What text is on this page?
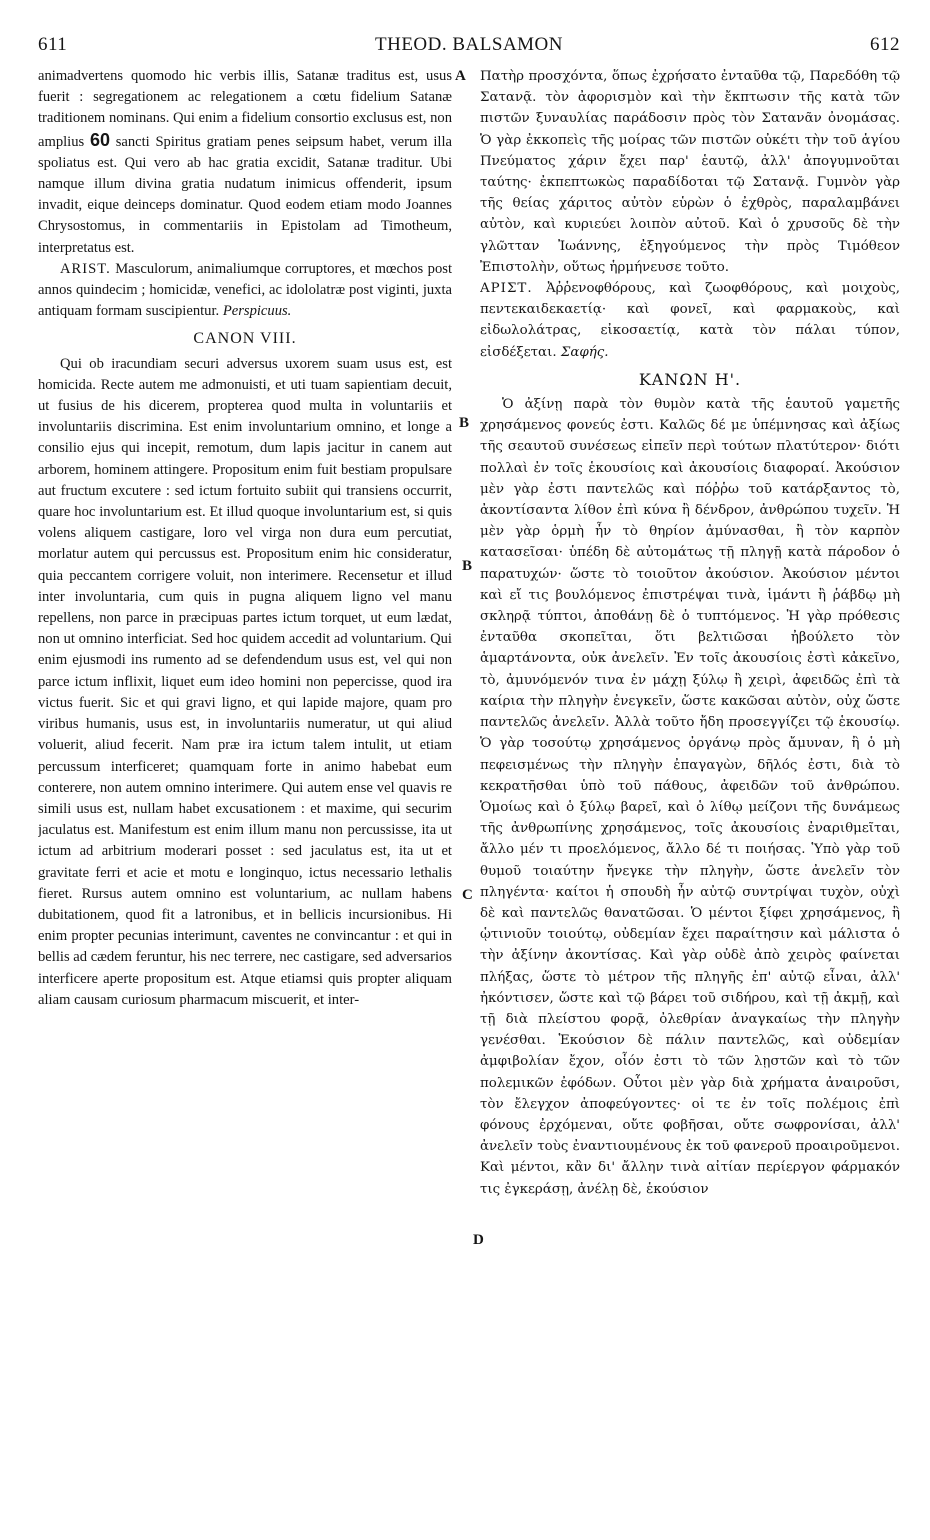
611	THEOD. BALSAMON	612
A
B
B
C
D

animadvertens quomodo hic verbis illis, Satanæ traditus est, usus fuerit : segregationem ac relegationem a cœtu fidelium Satanæ traditionem nominans. Qui enim a fidelium consortio exclusus est, non amplius 60 sancti Spiritus gratiam penes seipsum habet, verum illa spoliatus est. Qui vero ab hac gratia excidit, Satanæ traditur. Ubi namque illum divina gratia nudatum inimicus offenderit, ipsum invadit, eique deinceps dominatur. Quod eodem etiam modo Joannes Chrysostomus, in commentariis in Epistolam ad Timotheum, interpretatus est.

ARIST. Masculorum, animaliumque corruptores, et mœchos post annos quindecim ; homicidæ, venefici, ac idololatræ post viginti, juxta antiquam formam suscipientur. Perspicuus.

CANON VIII.

Qui ob iracundiam securi adversus uxorem suam usus est, est homicida. Recte autem me admonuisti, et uti tuam sapientiam decuit, ut fusius de his dicerem, propterea quod multa in voluntariis et involuntariis discrimina. Est enim involuntarium omnino, et longe a consilio ejus qui incepit, remotum, dum lapis jacitur in canem aut arborem, hominem attingere. Propositum enim fuit bestiam propulsare aut fructum excutere : sed ictum fortuito subiit qui transiens occurrit, quare hoc involuntarium est. Et illud quoque involuntarium est, si quis volens aliquem castigare, loro vel virga non dura eum percutiat, morlatur autem qui percussus est. Propositum enim hic consideratur, quia peccantem corrigere voluit, non interimere. Recensetur et illud inter involuntaria, cum quis in pugna aliquem ligno vel manu repellens, non parce in præcipuas partes ictum torquet, ut eum lædat, non ut omnino interficiat. Sed hoc quidem accedit ad voluntarium. Qui enim ejusmodi ins rumento ad se defendendum usus est, vel qui non parce ictum inflixit, liquet eum ideo homini non pepercisse, quod ira victus fuerit. Sic et qui gravi ligno, et qui lapide majore, quam pro viribus humanis, usus est, in involuntariis numeratur, ut qui aliud voluerit, aliud fecerit. Nam præ ira ictum talem intulit, ut etiam percussum interficeret; quamquam forte in animo habebat eum conterere, non autem omnino interimere. Qui autem ense vel quavis re simili usus est, nullam habet excusationem : et maxime, qui securim jaculatus est. Manifestum est enim illum manu non percussisse, ita ut ictum ad arbitrium moderari posset : sed jaculatus est, ita ut et gravitate ferri et acie et motu e longinquo, ictus necessario lethalis fieret. Rursus autem omnino est voluntarium, ac nullam habens dubitationem, quod fit a latronibus, et in bellicis incursionibus. Hi enim propter pecunias interimunt, caventes ne convincantur : et qui in bellis ad cædem feruntur, his nec terrere, nec castigare, sed adversarios interficere aperte propositum est. Atque etiamsi quis propter aliquam aliam causam curiosum pharmacum miscuerit, et inter-

Πατὴρ προσχόντα, ὅπως ἐχρήσατο ἐνταῦθα τῷ, Παρεδόθη τῷ Σατανᾷ. τὸν ἀφορισμὸν καὶ τὴν ἔκπτωσιν τῆς κατὰ τῶν πιστῶν ξυναυλίας παράδοσιν πρὸς τὸν Σατανᾶν ὀνομάσας. Ὁ γὰρ ἐκκοπεὶς τῆς μοίρας τῶν πιστῶν οὐκέτι τὴν τοῦ ἁγίου Πνεύματος χάριν ἔχει παρ' ἑαυτῷ, ἀλλ' ἀπογυμνοῦται ταύτης· ἐκπεπτωκὼς παραδίδοται τῷ Σατανᾷ. Γυμνὸν γὰρ τῆς θείας χάριτος αὐτὸν εὑρὼν ὁ ἐχθρὸς, παραλαμβάνει αὐτὸν, καὶ κυριεύει λοιπὸν αὐτοῦ. Καὶ ὁ χρυσοῦς δὲ τὴν γλῶτταν Ἰωάννης, ἐξηγούμενος τὴν πρὸς Τιμόθεον Ἐπιστολὴν, οὕτως ἡρμήνευσε τοῦτο.

ΑΡΙΣΤ. Ἀῤῥενοφθόρους, καὶ ζωοφθόρους, καὶ μοιχοὺς, πεντεκαιδεκαετίᾳ· καὶ φονεῖ, καὶ φαρμακοὺς, καὶ εἰδωλολάτρας, εἰκοσαετίᾳ, κατὰ τὸν πάλαι τύπον, εἰσδέξεται. Σαφής.

ΚΑΝΩΝ Η'.

Ὁ ἀξίνῃ παρὰ τὸν θυμὸν κατὰ τῆς ἑαυτοῦ γαμετῆς χρησάμενος φονεύς ἐστι. Καλῶς δέ με ὑπέμνησας καὶ ἀξίως τῆς σεαυτοῦ συνέσεως εἰπεῖν περὶ τούτων πλατύτερον· διότι πολλαὶ ἐν τοῖς ἑκουσίοις καὶ ἀκουσίοις διαφοραί. Ἀκούσιον μὲν γὰρ ἐστι παντελῶς καὶ πόῤῥω τοῦ κατάρξαντος τὸ, ἀκοντίσαντα λίθον ἐπὶ κύνα ἢ δένδρον, ἀνθρώπου τυχεῖν. Ἡ μὲν γὰρ ὁρμὴ ἦν τὸ θηρίον ἀμύνασθαι, ἢ τὸν καρπὸν κατασεῖσαι· ὑπέδη δὲ αὐτομάτως τῇ πληγῇ κατὰ πάροδον ὁ παρατυχών· ὥστε τὸ τοιοῦτον ἀκούσιον. Ἀκούσιον μέντοι καὶ εἴ τις βουλόμενος ἐπιστρέψαι τινὰ, ἱμάντι ἢ ῥάβδῳ μὴ σκληρᾷ τύπτοι, ἀποθάνῃ δὲ ὁ τυπτόμενος. Ἡ γὰρ πρόθεσις ἐνταῦθα σκοπεῖται, ὅτι βελτιῶσαι ἠβούλετο τὸν ἁμαρτάνοντα, οὐκ ἀνελεῖν. Ἐν τοῖς ἀκουσίοις ἐστὶ κἀκεῖνο, τὸ, ἀμυνόμενόν τινα ἐν μάχῃ ξύλῳ ἢ χειρὶ, ἀφειδῶς ἐπὶ τὰ καίρια τὴν πληγὴν ἐνεγκεῖν, ὥστε κακῶσαι αὐτὸν, οὐχ ὥστε παντελῶς ἀνελεῖν. Ἀλλὰ τοῦτο ἤδη προσεγγίζει τῷ ἑκουσίῳ. Ὁ γὰρ τοσούτῳ χρησάμενος ὀργάνῳ πρὸς ἄμυναν, ἢ ὁ μὴ πεφεισμένως τὴν πληγὴν ἐπαγαγὼν, δῆλός ἐστι, διὰ τὸ κεκρατῆσθαι ὑπὸ τοῦ πάθους, ἀφειδῶν τοῦ ἀνθρώπου. Ὁμοίως καὶ ὁ ξύλῳ βαρεῖ, καὶ ὁ λίθῳ μείζονι τῆς δυνάμεως τῆς ἀνθρωπίνης χρησάμενος, τοῖς ἀκουσίοις ἐναριθμεῖται, ἄλλο μέν τι προελόμενος, ἄλλο δέ τι ποιήσας. Ὑπὸ γὰρ τοῦ θυμοῦ τοιαύτην ἤνεγκε τὴν πληγὴν, ὥστε ἀνελεῖν τὸν πληγέντα· καίτοι ἡ σπουδὴ ἦν αὐτῷ συντρίψαι τυχὸν, οὐχὶ δὲ καὶ παντελῶς θανατῶσαι. Ὁ μέντοι ξίφει χρησάμενος, ἢ ᾡτινιοῦν τοιούτῳ, οὐδεμίαν ἔχει παραίτησιν καὶ μάλιστα ὁ τὴν ἀξίνην ἀκοντίσας. Καὶ γὰρ οὐδὲ ἀπὸ χειρὸς φαίνεται πλήξας, ὥστε τὸ μέτρον τῆς πληγῆς ἐπ' αὐτῷ εἶναι, ἀλλ' ἠκόντισεν, ὥστε καὶ τῷ βάρει τοῦ σιδήρου, καὶ τῇ ἀκμῇ, καὶ τῇ διὰ πλείστου φορᾷ, ὀλεθρίαν ἀναγκαίως τὴν πληγὴν γενέσθαι. Ἑκούσιον δὲ πάλιν παντελῶς, καὶ οὐδεμίαν ἀμφιβολίαν ἔχον, οἷόν ἐστι τὸ τῶν λῃστῶν καὶ τὸ τῶν πολεμικῶν ἐφόδων. Οὗτοι μὲν γὰρ διὰ χρήματα ἀναιροῦσι, τὸν ἔλεγχον ἀποφεύγοντες· οἱ τε ἐν τοῖς πολέμοις ἐπὶ φόνους ἐρχόμεναι, οὔτε φοβῆσαι, οὔτε σωφρονίσαι, ἀλλ' ἀνελεῖν τοὺς ἐναντιουμένους ἐκ τοῦ φανεροῦ προαιροῦμενοι. Καὶ μέντοι, κἂν δι' ἄλλην τινὰ αἰτίαν περίεργον φάρμακόν τις ἐγκεράσῃ, ἀνέλῃ δὲ, ἑκούσιον
